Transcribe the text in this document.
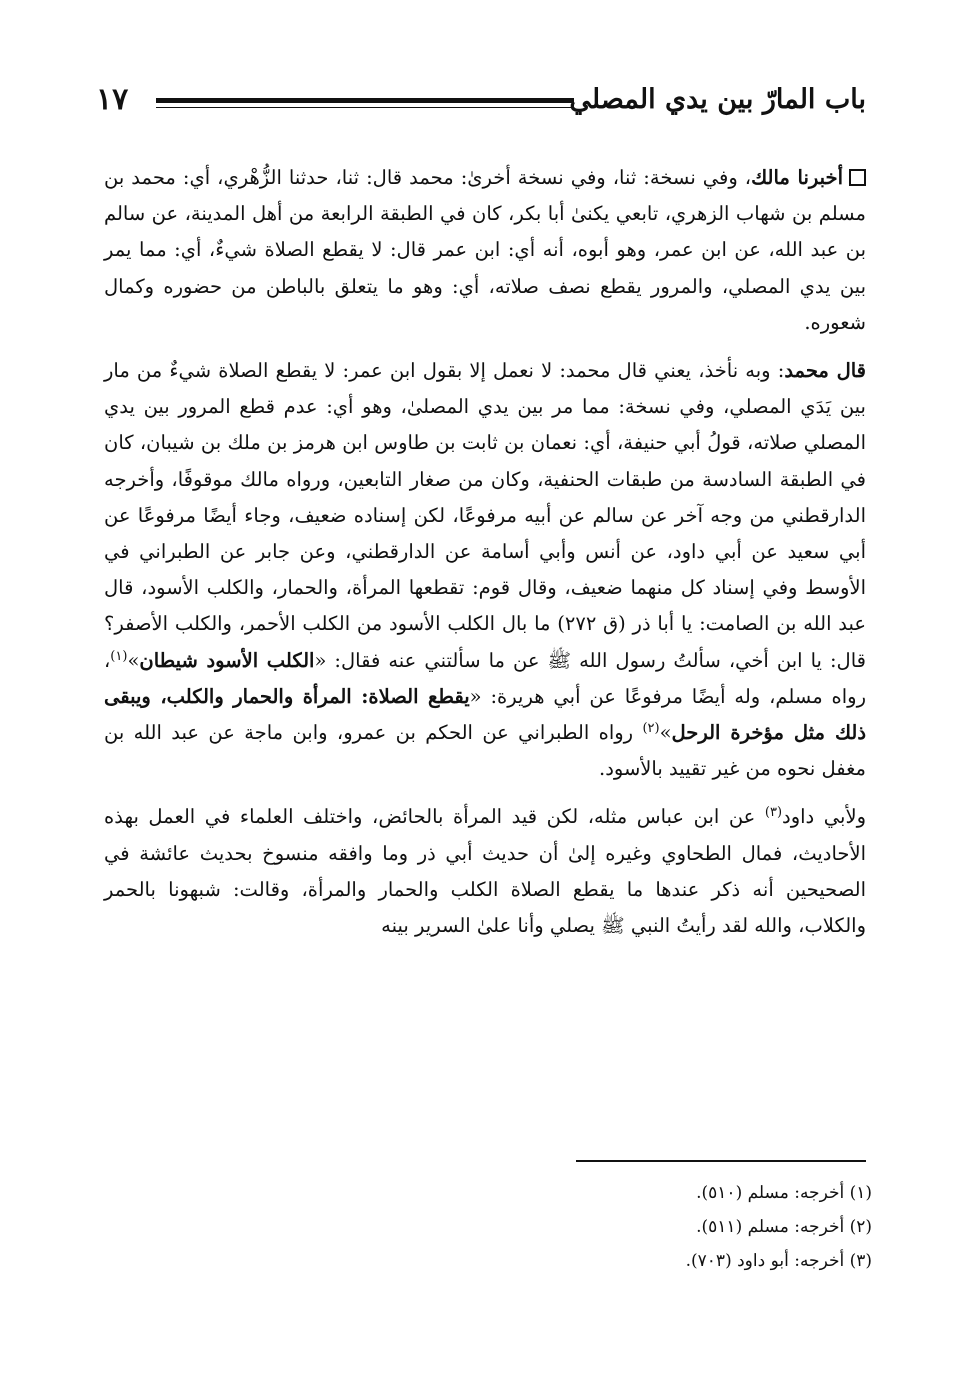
باب المارّ بين يدي المصلي
١٧

أخبرنا مالك، وفي نسخة: ثنا، وفي نسخة أخرىٰ: محمد قال: ثنا، حدثنا الزُّهْري، أي: محمد بن مسلم بن شهاب الزهري، تابعي يكنىٰ أبا بكر، كان في الطبقة الرابعة من أهل المدينة، عن سالم بن عبد الله، عن ابن عمر، وهو أبوه، أنه أي: ابن عمر قال: لا يقطع الصلاة شيءٌ، أي: مما يمر بين يدي المصلي، والمرور يقطع نصف صلاته، أي: وهو ما يتعلق بالباطن من حضوره وكمال شعوره.

قال محمد: وبه نأخذ، يعني قال محمد: لا نعمل إلا بقول ابن عمر: لا يقطع الصلاة شيءٌ من مار بين يَدَي المصلي، وفي نسخة: مما مر بين يدي المصلىٰ، وهو أي: عدم قطع المرور بين يدي المصلي صلاته، قولُ أبي حنيفة، أي: نعمان بن ثابت بن طاوس ابن هرمز بن ملك بن شيبان، كان في الطبقة السادسة من طبقات الحنفية، وكان من صغار التابعين، ورواه مالك موقوفًا، وأخرجه الدارقطني من وجه آخر عن سالم عن أبيه مرفوعًا، لكن إسناده ضعيف، وجاء أيضًا مرفوعًا عن أبي سعيد عن أبي داود، عن أنس وأبي أسامة عن الدارقطني، وعن جابر عن الطبراني في الأوسط وفي إسناد كل منهما ضعيف، وقال قوم: تقطعها المرأة، والحمار، والكلب الأسود، قال عبد الله بن الصامت: يا أبا ذر (ق ٢٧٢) ما بال الكلب الأسود من الكلب الأحمر، والكلب الأصفر؟ قال: يا ابن أخي، سألتُ رسول الله ﷺ عن ما سألتني عنه فقال: «الكلب الأسود شيطان»$^{(١)}$، رواه مسلم، وله أيضًا مرفوعًا عن أبي هريرة: «يقطع الصلاة: المرأة والحمار والكلب، ويبقى ذلك مثل مؤخرة الرحل»$^{(٢)}$ رواه الطبراني عن الحكم بن عمرو، وابن ماجة عن عبد الله بن مغفل نحوه من غير تقييد بالأسود.

ولأبي داود$^{(٣)}$ عن ابن عباس مثله، لكن قيد المرأة بالحائض، واختلف العلماء في العمل بهذه الأحاديث، فمال الطحاوي وغيره إلىٰ أن حديث أبي ذر وما وافقه منسوخ بحديث عائشة في الصحيحين أنه ذكر عندها ما يقطع الصلاة الكلب والحمار والمرأة، وقالت: شبهونا بالحمر والكلاب، والله لقد رأيتُ النبي ﷺ يصلي وأنا علىٰ السرير بينه

(١) أخرجه: مسلم (٥١٠).
(٢) أخرجه: مسلم (٥١١).
(٣) أخرجه: أبو داود (٧٠٣).
